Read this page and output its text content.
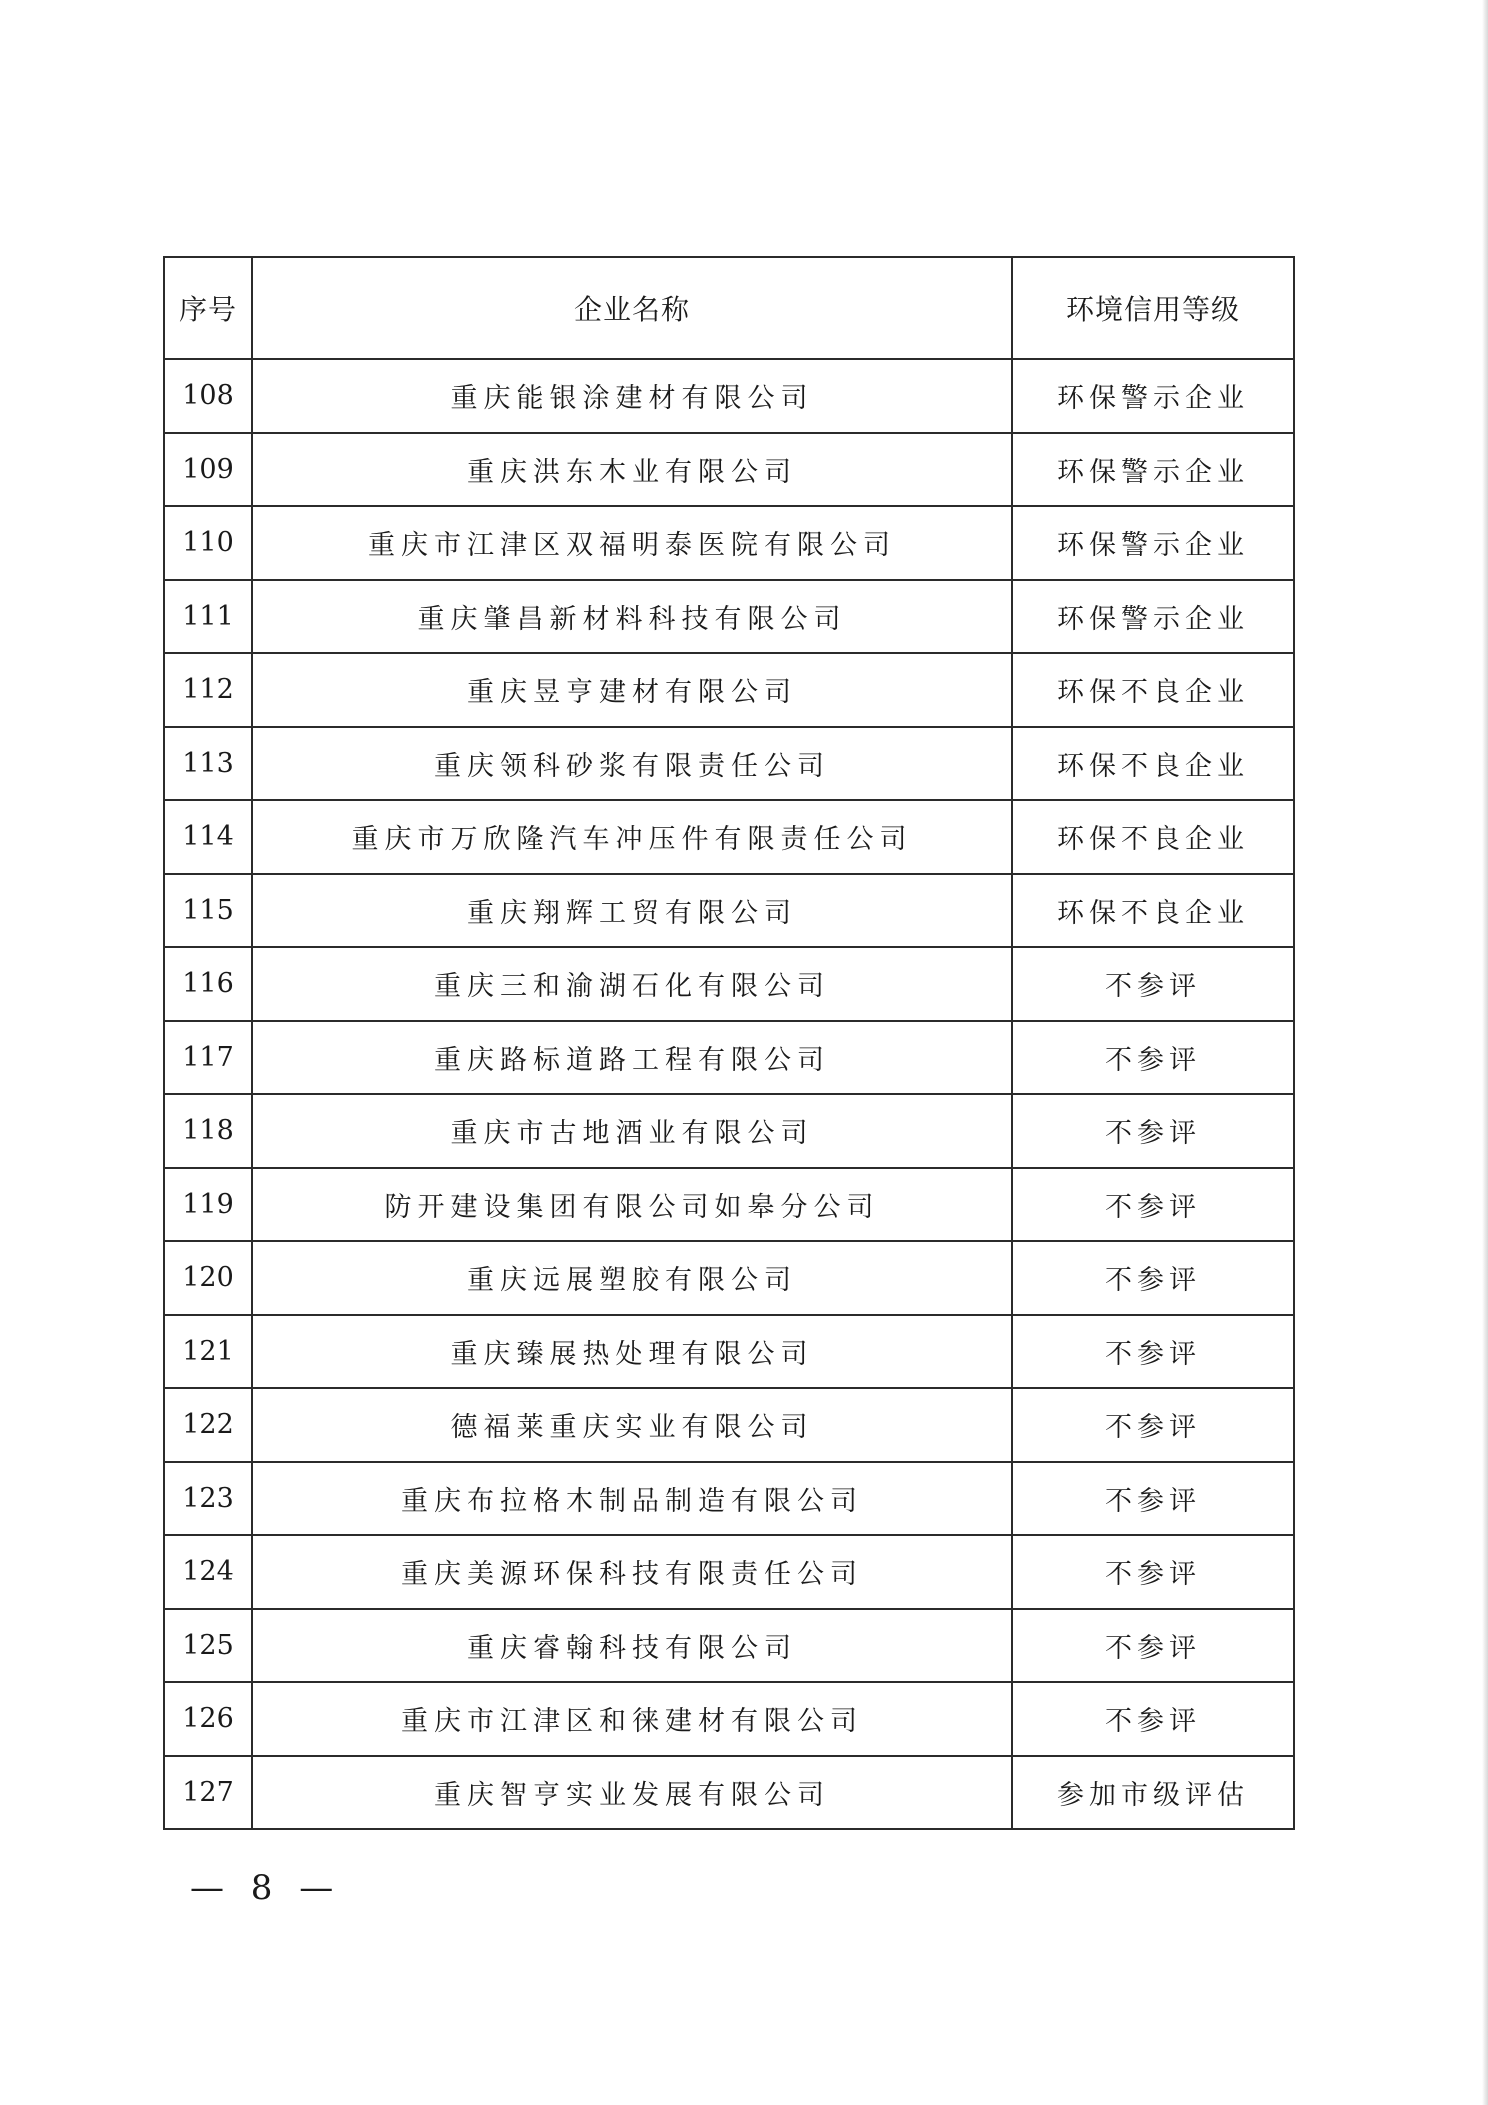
序号	企业名称	环境信用等级
108	重庆能银涂建材有限公司	环保警示企业
109	重庆洪东木业有限公司	环保警示企业
110	重庆市江津区双福明泰医院有限公司	环保警示企业
111	重庆肇昌新材料科技有限公司	环保警示企业
112	重庆昱亨建材有限公司	环保不良企业
113	重庆领科砂浆有限责任公司	环保不良企业
114	重庆市万欣隆汽车冲压件有限责任公司	环保不良企业
115	重庆翔辉工贸有限公司	环保不良企业
116	重庆三和渝湖石化有限公司	不参评
117	重庆路标道路工程有限公司	不参评
118	重庆市古地酒业有限公司	不参评
119	防开建设集团有限公司如皋分公司	不参评
120	重庆远展塑胶有限公司	不参评
121	重庆臻展热处理有限公司	不参评
122	德福莱重庆实业有限公司	不参评
123	重庆布拉格木制品制造有限公司	不参评
124	重庆美源环保科技有限责任公司	不参评
125	重庆睿翰科技有限公司	不参评
126	重庆市江津区和徕建材有限公司	不参评
127	重庆智亨实业发展有限公司	参加市级评估
— 8 —
